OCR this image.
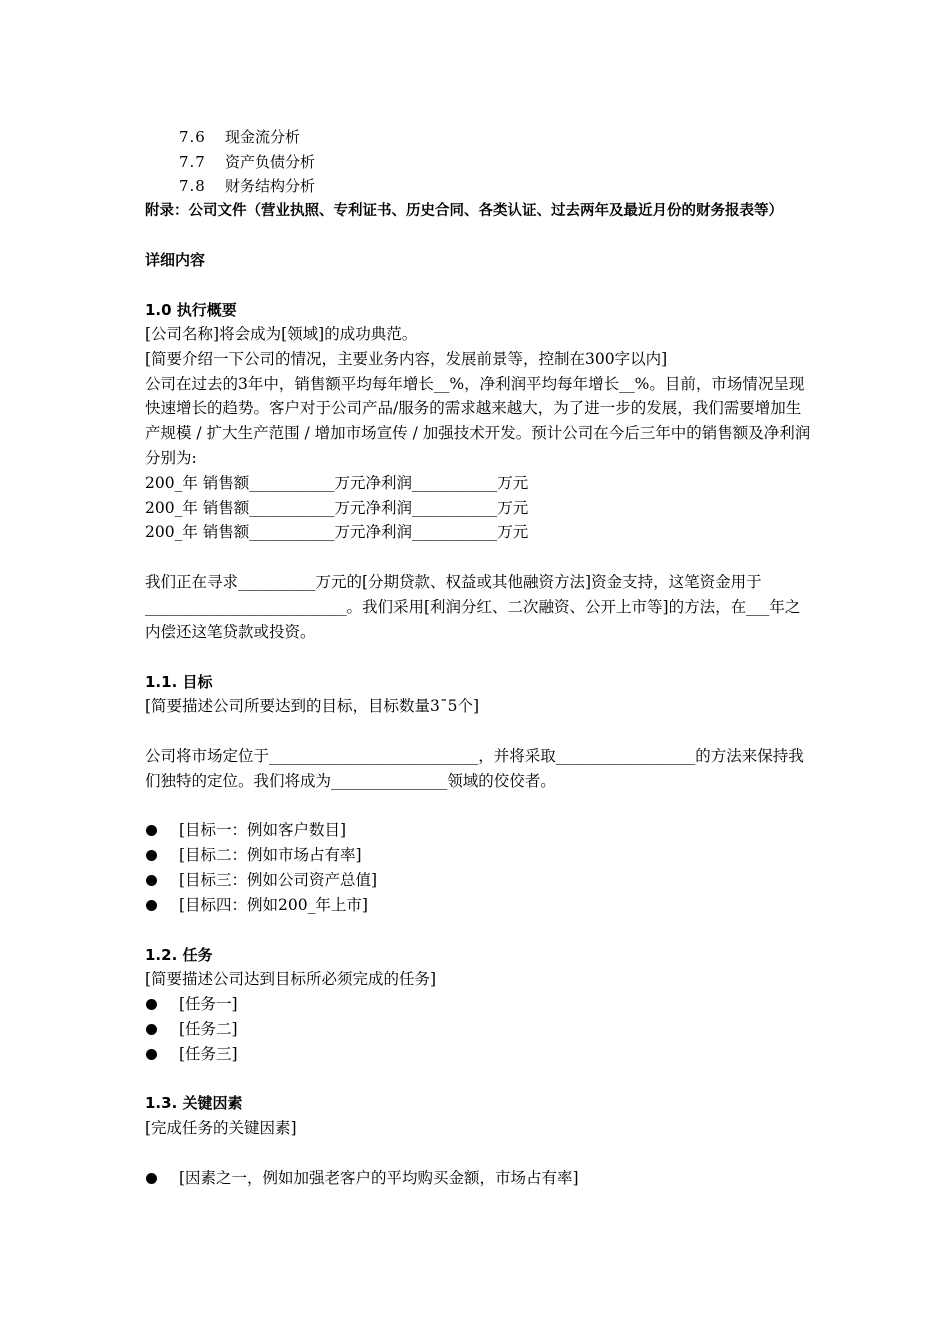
7.6	现金流分析
7.7	资产负债分析
7.8	财务结构分析
附录：公司文件（营业执照、专利证书、历史合同、各类认证、过去两年及最近月份的财务报表等）
详细内容
1.0 执行概要
[公司名称]将会成为[领域]的成功典范。
[简要介绍一下公司的情况，主要业务内容，发展前景等，控制在300字以内]
公司在过去的3年中，销售额平均每年增长__%，净利润平均每年增长__%。目前，市场情况呈现快速增长的趋势。客户对于公司产品/服务的需求越来越大，为了进一步的发展，我们需要增加生产规模 / 扩大生产范围 / 增加市场宣传 / 加强技术开发。预计公司在今后三年中的销售额及净利润分别为:
200_年 销售额___________万元净利润___________万元
200_年 销售额___________万元净利润___________万元
200_年 销售额___________万元净利润___________万元
我们正在寻求__________万元的[分期贷款、权益或其他融资方法]资金支持，这笔资金用于__________________________。我们采用[利润分红、二次融资、公开上市等]的方法，在___年之内偿还这笔贷款或投资。
1.1. 目标
[简要描述公司所要达到的目标，目标数量3¯5个]
公司将市场定位于___________________________，并将采取__________________的方法来保持我们独特的定位。我们将成为_______________领域的佼佼者。
[目标一：例如客户数目]
[目标二：例如市场占有率]
[目标三：例如公司资产总值]
[目标四：例如200_年上市]
1.2. 任务
[简要描述公司达到目标所必须完成的任务]
[任务一]
[任务二]
[任务三]
1.3. 关键因素
[完成任务的关键因素]
[因素之一，例如加强老客户的平均购买金额，市场占有率]
